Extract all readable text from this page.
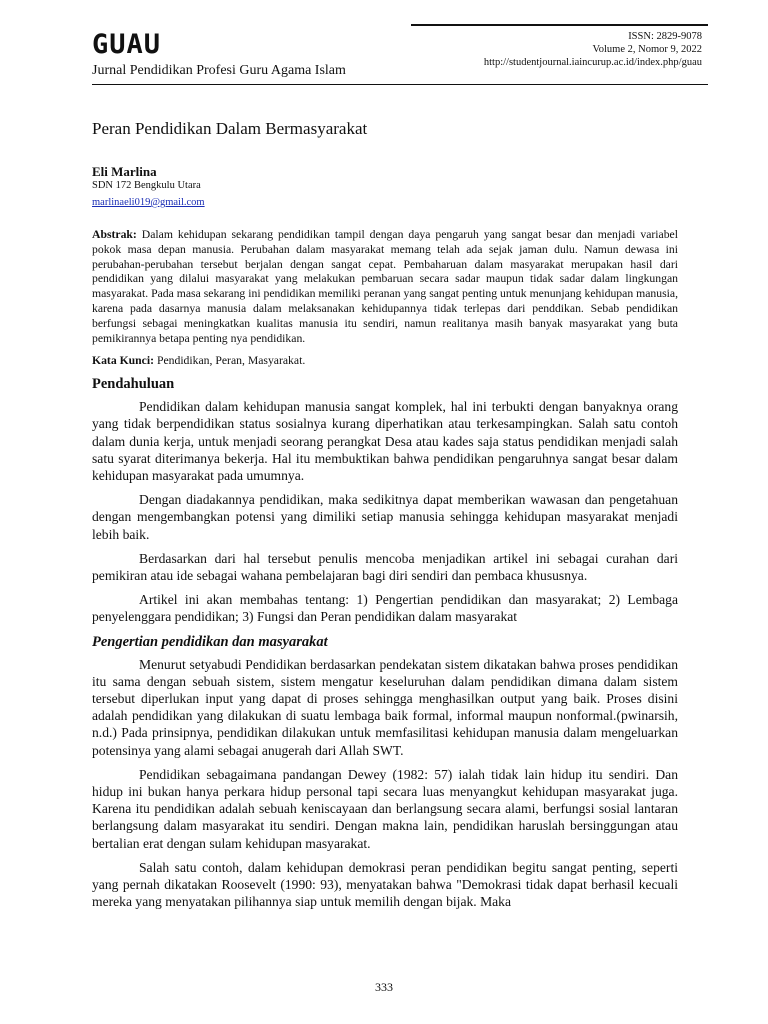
GUAU
Jurnal Pendidikan Profesi Guru Agama Islam
ISSN: 2829-9078
Volume 2, Nomor 9, 2022
http://studentjournal.iaincurup.ac.id/index.php/guau
Peran Pendidikan Dalam Bermasyarakat
Eli Marlina
SDN 172 Bengkulu Utara
marlinaeli019@gmail.com
Abstrak: Dalam kehidupan sekarang pendidikan tampil dengan daya pengaruh yang sangat besar dan menjadi variabel pokok masa depan manusia. Perubahan dalam masyarakat memang telah ada sejak jaman dulu. Namun dewasa ini perubahan-perubahan tersebut berjalan dengan sangat cepat. Pembaharuan dalam masyarakat merupakan hasil dari pendidikan yang dilalui masyarakat yang melakukan pembaruan secara sadar maupun tidak sadar dalam lingkungan masyarakat. Pada masa sekarang ini pendidikan memiliki peranan yang sangat penting untuk menunjang kehidupan manusia, karena pada dasarnya manusia dalam melaksanakan kehidupannya tidak terlepas dari penddikan. Sebab pendidikan berfungsi sebagai meningkatkan kualitas manusia itu sendiri, namun realitanya masih banyak masyarakat yang buta pemikirannya betapa penting nya pendidikan.
Kata Kunci: Pendidikan, Peran, Masyarakat.
Pendahuluan

Pendidikan dalam kehidupan manusia sangat komplek, hal ini terbukti dengan banyaknya orang yang tidak berpendidikan status sosialnya kurang diperhatikan atau terkesampingkan. Salah satu contoh dalam dunia kerja, untuk menjadi seorang perangkat Desa atau kades saja status pendidikan menjadi salah satu syarat diterimanya bekerja. Hal itu membuktikan bahwa pendidikan pengaruhnya sangat besar dalam kehidupan masyarakat pada umumnya.

Dengan diadakannya pendidikan, maka sedikitnya dapat memberikan wawasan dan pengetahuan dengan mengembangkan potensi yang dimiliki setiap manusia sehingga kehidupan masyarakat menjadi lebih baik.

Berdasarkan dari hal tersebut penulis mencoba menjadikan artikel ini sebagai curahan dari pemikiran atau ide sebagai wahana pembelajaran bagi diri sendiri dan pembaca khususnya.

Artikel ini akan membahas tentang: 1) Pengertian pendidikan dan masyarakat; 2) Lembaga penyelenggara pendidikan; 3) Fungsi dan Peran pendidikan dalam masyarakat

Pengertian pendidikan dan masyarakat

Menurut setyabudi Pendidikan berdasarkan pendekatan sistem dikatakan bahwa proses pendidikan itu sama dengan sebuah sistem, sistem mengatur keseluruhan dalam pendidikan dimana dalam sistem tersebut diperlukan input yang dapat di proses sehingga menghasilkan output yang baik. Proses disini adalah pendidikan yang dilakukan di suatu lembaga baik formal, informal maupun nonformal.(pwinarsih, n.d.) Pada prinsipnya, pendidikan dilakukan untuk memfasilitasi kehidupan manusia dalam mengeluarkan potensinya yang alami sebagai anugerah dari Allah SWT.

Pendidikan sebagaimana pandangan Dewey (1982: 57) ialah tidak lain hidup itu sendiri. Dan hidup ini bukan hanya perkara hidup personal tapi secara luas menyangkut kehidupan masyarakat juga. Karena itu pendidikan adalah sebuah keniscayaan dan berlangsung secara alami, berfungsi sosial lantaran berlangsung dalam masyarakat itu sendiri. Dengan makna lain, pendidikan haruslah bersinggungan atau bertalian erat dengan sulam kehidupan masyarakat.

Salah satu contoh, dalam kehidupan demokrasi peran pendidikan begitu sangat penting, seperti yang pernah dikatakan Roosevelt (1990: 93), menyatakan bahwa "Demokrasi tidak dapat berhasil kecuali mereka yang menyatakan pilihannya siap untuk memilih dengan bijak. Maka

333
